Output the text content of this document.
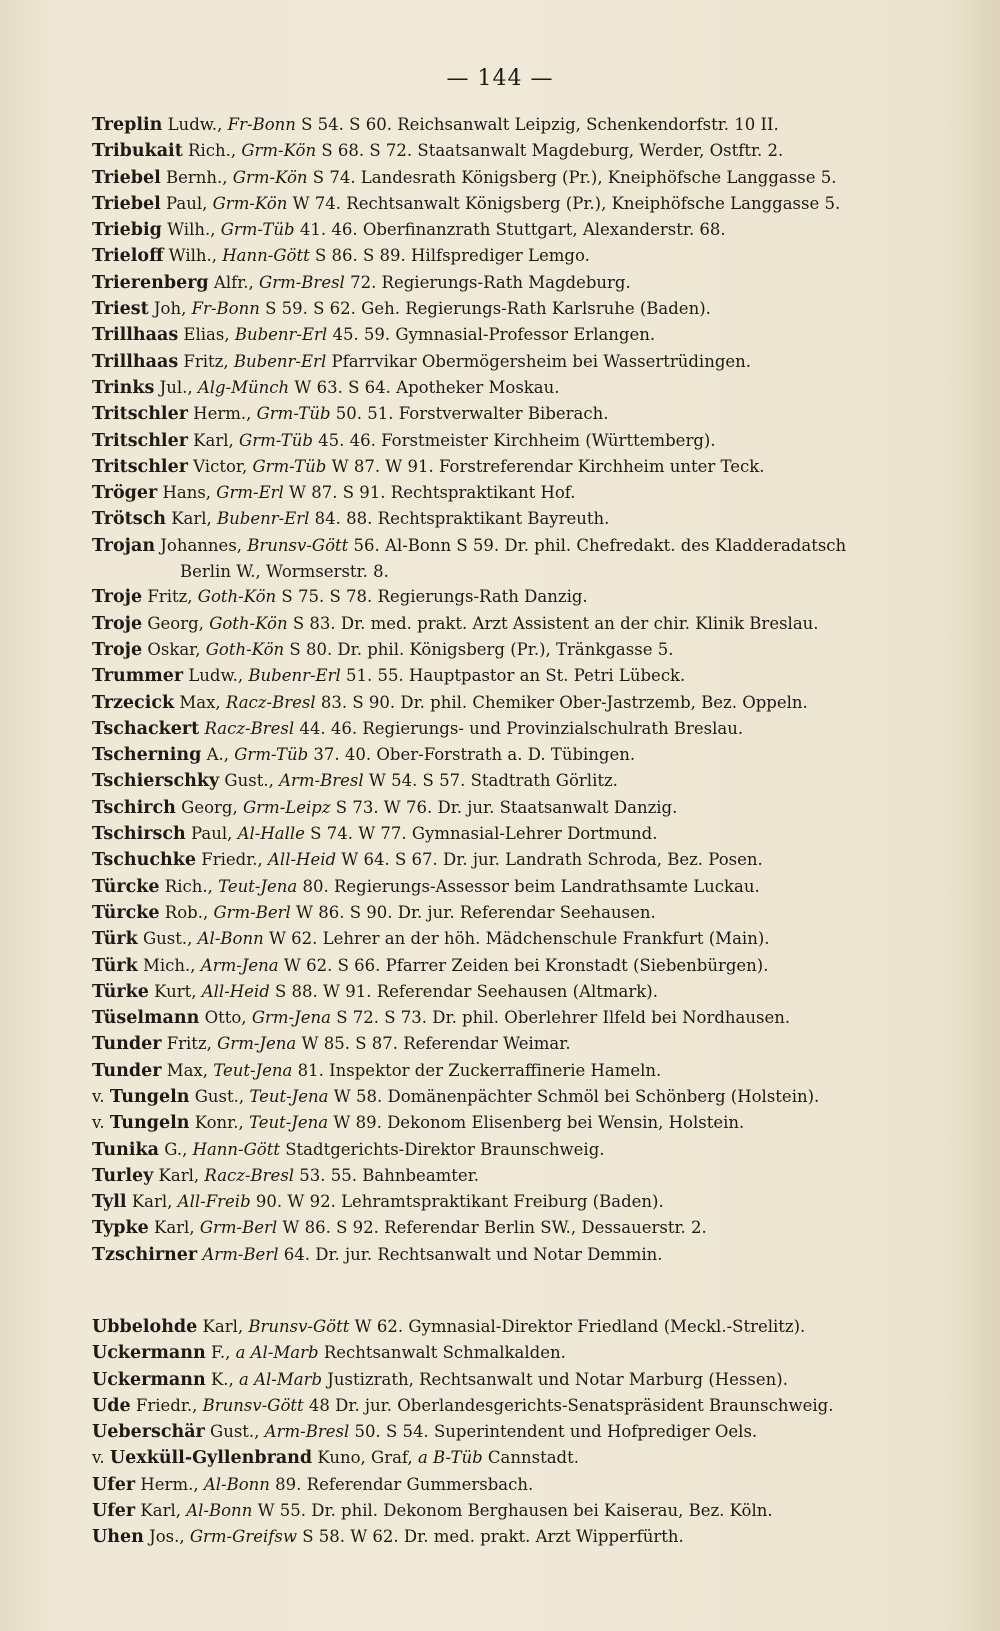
— 144 —
Treplin Ludw., Fr-Bonn S 54. S 60. Reichsanwalt Leipzig, Schenkendorfstr. 10 II.
Tribukait Rich., Grm-Kön S 68. S 72. Staatsanwalt Magdeburg, Werder, Ostftr. 2.
Triebel Bernh., Grm-Kön S 74. Landesrath Königsberg (Pr.), Kneiphöfsche Langgasse 5.
Triebel Paul, Grm-Kön W 74. Rechtsanwalt Königsberg (Pr.), Kneiphöfsche Langgasse 5.
Triebig Wilh., Grm-Tüb 41. 46. Oberfinanzrath Stuttgart, Alexanderstr. 68.
Trieloff Wilh., Hann-Gött S 86. S 89. Hilfsprediger Lemgo.
Trierenberg Alfr., Grm-Bresl 72. Regierungs-Rath Magdeburg.
Triest Joh, Fr-Bonn S 59. S 62. Geh. Regierungs-Rath Karlsruhe (Baden).
Trillhaas Elias, Bubenr-Erl 45. 59. Gymnasial-Professor Erlangen.
Trillhaas Fritz, Bubenr-Erl Pfarrvikar Obermögersheim bei Wassertrüdingen.
Trinks Jul., Alg-Münch W 63. S 64. Apotheker Moskau.
Tritschler Herm., Grm-Tüb 50. 51. Forstverwalter Biberach.
Tritschler Karl, Grm-Tüb 45. 46. Forstmeister Kirchheim (Württemberg).
Tritschler Victor, Grm-Tüb W 87. W 91. Forstreferendar Kirchheim unter Teck.
Tröger Hans, Grm-Erl W 87. S 91. Rechtspraktikant Hof.
Trötsch Karl, Bubenr-Erl 84. 88. Rechtspraktikant Bayreuth.
Trojan Johannes, Brunsv-Gött 56. Al-Bonn S 59. Dr. phil. Chefredakt. des Kladderadatsch
Berlin W., Wormserstr. 8.
Troje Fritz, Goth-Kön S 75. S 78. Regierungs-Rath Danzig.
Troje Georg, Goth-Kön S 83. Dr. med. prakt. Arzt Assistent an der chir. Klinik Breslau.
Troje Oskar, Goth-Kön S 80. Dr. phil. Königsberg (Pr.), Tränkgasse 5.
Trummer Ludw., Bubenr-Erl 51. 55. Hauptpastor an St. Petri Lübeck.
Trzecick Max, Racz-Bresl 83. S 90. Dr. phil. Chemiker Ober-Jastrzemb, Bez. Oppeln.
Tschackert Racz-Bresl 44. 46. Regierungs- und Provinzialschulrath Breslau.
Tscherning A., Grm-Tüb 37. 40. Ober-Forstrath a. D. Tübingen.
Tschierschky Gust., Arm-Bresl W 54. S 57. Stadtrath Görlitz.
Tschirch Georg, Grm-Leipz S 73. W 76. Dr. jur. Staatsanwalt Danzig.
Tschirsch Paul, Al-Halle S 74. W 77. Gymnasial-Lehrer Dortmund.
Tschuchke Friedr., All-Heid W 64. S 67. Dr. jur. Landrath Schroda, Bez. Posen.
Türcke Rich., Teut-Jena 80. Regierungs-Assessor beim Landrathsamte Luckau.
Türcke Rob., Grm-Berl W 86. S 90. Dr. jur. Referendar Seehausen.
Türk Gust., Al-Bonn W 62. Lehrer an der höh. Mädchenschule Frankfurt (Main).
Türk Mich., Arm-Jena W 62. S 66. Pfarrer Zeiden bei Kronstadt (Siebenbürgen).
Türke Kurt, All-Heid S 88. W 91. Referendar Seehausen (Altmark).
Tüselmann Otto, Grm-Jena S 72. S 73. Dr. phil. Oberlehrer Ilfeld bei Nordhausen.
Tunder Fritz, Grm-Jena W 85. S 87. Referendar Weimar.
Tunder Max, Teut-Jena 81. Inspektor der Zuckerraffinerie Hameln.
v. Tungeln Gust., Teut-Jena W 58. Domänenpächter Schmöl bei Schönberg (Holstein).
v. Tungeln Konr., Teut-Jena W 89. Dekonom Elisenberg bei Wensin, Holstein.
Tunika G., Hann-Gött Stadtgerichts-Direktor Braunschweig.
Turley Karl, Racz-Bresl 53. 55. Bahnbeamter.
Tyll Karl, All-Freib 90. W 92. Lehramtspraktikant Freiburg (Baden).
Typke Karl, Grm-Berl W 86. S 92. Referendar Berlin SW., Dessauerstr. 2.
Tzschirner Arm-Berl 64. Dr. jur. Rechtsanwalt und Notar Demmin.
Ubbelohde Karl, Brunsv-Gött W 62. Gymnasial-Direktor Friedland (Meckl.-Strelitz).
Uckermann F., a Al-Marb Rechtsanwalt Schmalkalden.
Uckermann K., a Al-Marb Justizrath, Rechtsanwalt und Notar Marburg (Hessen).
Ude Friedr., Brunsv-Gött 48 Dr. jur. Oberlandesgerichts-Senatspräsident Braunschweig.
Ueberschär Gust., Arm-Bresl 50. S 54. Superintendent und Hofprediger Oels.
v. Uexküll-Gyllenbrand Kuno, Graf, a B-Tüb Cannstadt.
Ufer Herm., Al-Bonn 89. Referendar Gummersbach.
Ufer Karl, Al-Bonn W 55. Dr. phil. Dekonom Berghausen bei Kaiserau, Bez. Köln.
Uhen Jos., Grm-Greifsw S 58. W 62. Dr. med. prakt. Arzt Wipperfürth.
